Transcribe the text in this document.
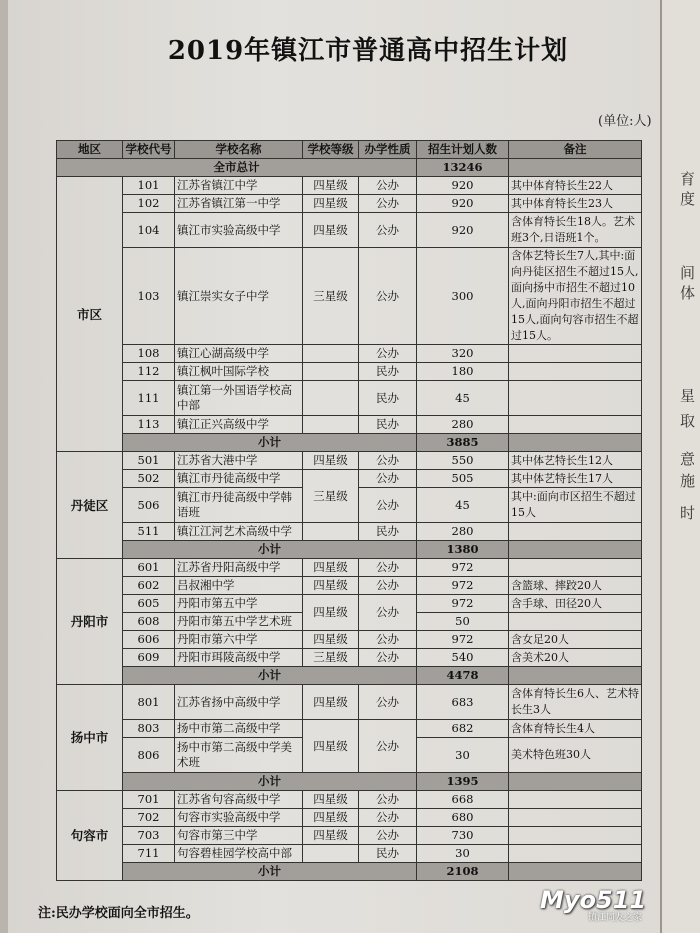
2019年镇江市普通高中招生计划
(单位:人)
育
度
间
体
星
取
意
施
时
地区	学校代号	学校名称	学校等级	办学性质	招生计划人数	备注
全市总计					13246	
市区	101	江苏省镇江中学	四星级	公办	920	其中体育特长生22人
	102	江苏省镇江第一中学	四星级	公办	920	其中体育特长生23人
	104	镇江市实验高级中学	四星级	公办	920	含体育特长生18人。艺术班3个,日语班1个。
	103	镇江崇实女子中学	三星级	公办	300	含体艺特长生7人,其中:面向丹徒区招生不超过15人,面向扬中市招生不超过10人,面向丹阳市招生不超过15人,面向句容市招生不超过15人。
	108	镇江心湖高级中学		公办	320	
	112	镇江枫叶国际学校		民办	180	
	111	镇江第一外国语学校高中部		民办	45	
	113	镇江正兴高级中学		民办	280	
	小计				3885	
丹徒区	501	江苏省大港中学	四星级	公办	550	其中体艺特长生12人
	502	镇江市丹徒高级中学	三星级	公办	505	其中体艺特长生17人
	506	镇江市丹徒高级中学韩语班		公办	45	其中:面向市区招生不超过15人
	511	镇江江河艺术高级中学		民办	280	
	小计				1380	
丹阳市	601	江苏省丹阳高级中学	四星级	公办	972	
	602	吕叔湘中学	四星级	公办	972	含篮球、摔跤20人
	605	丹阳市第五中学	四星级	公办	972	含手球、田径20人
	608	丹阳市第五中学艺术班			50	
	606	丹阳市第六中学	四星级	公办	972	含女足20人
	609	丹阳市珥陵高级中学	三星级	公办	540	含美术20人
	小计				4478	
扬中市	801	江苏省扬中高级中学	四星级	公办	683	含体育特长生6人、艺术特长生3人
	803	扬中市第二高级中学	四星级	公办	682	含体育特长生4人
	806	扬中市第二高级中学美术班			30	美术特色班30人
	小计				1395	
句容市	701	江苏省句容高级中学	四星级	公办	668	
	702	句容市实验高级中学	四星级	公办	680	
	703	句容市第三中学	四星级	公办	730	
	711	句容碧桂园学校高中部		民办	30	
	小计				2108	
注:民办学校面向全市招生。	Myo511
镇江同友之家
